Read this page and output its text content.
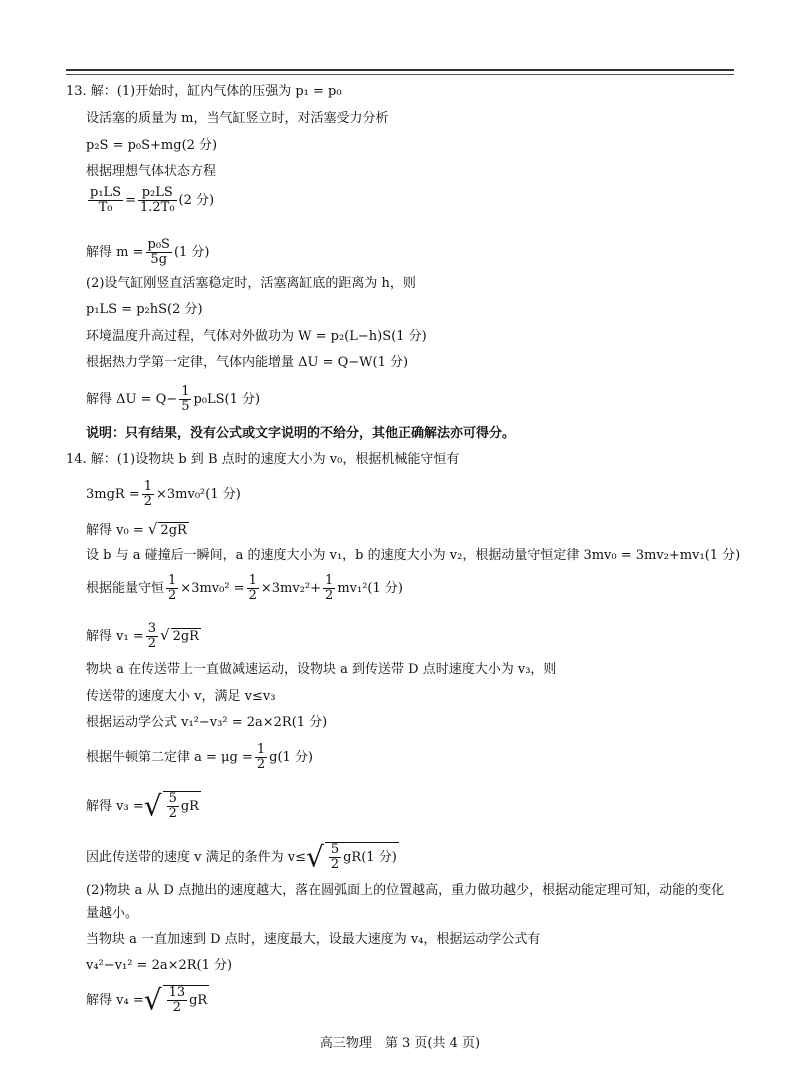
13. 解：(1)开始时，缸内气体的压强为 p₁ = p₀
设活塞的质量为 m，当气缸竖立时，对活塞受力分析
p₂S = p₀S+mg(2 分)
根据理想气体状态方程
$\frac{\text{p₁LS}}{\text{T₀}} = \frac{\text{p₂LS}}{\text{1.2T₀}} (2$ 分)
解得 $m = \frac{\text{p₀S}}{5g} (1$ 分)
(2)设气缸刚竖直活塞稳定时，活塞离缸底的距离为 h，则
p₁LS = p₂hS(2 分)
环境温度升高过程，气体对外做功为 W = p₂(L−h)S(1 分)
根据热力学第一定律，气体内能增量 ΔU = Q−W(1 分)
解得 $\Delta U = Q- \frac{1}{5} p_0LS(1$ 分)
说明：只有结果，没有公式或文字说明的不给分，其他正确解法亦可得分。
14. 解：(1)设物块 b 到 B 点时的速度大小为 v₀，根据机械能守恒有
$3mgR = \frac{1}{2} \times 3mv_0^2(1$ 分)
解得 v₀ = √ 2gR
设 b 与 a 碰撞后一瞬间，a 的速度大小为 v₁，b 的速度大小为 v₂，根据动量守恒定律 3mv₀ = 3mv₂+mv₁(1 分)
根据能量守恒 $\frac{1}{2} \times 3mv_0^2 = \frac{1}{2} \times 3mv_2^2+ \frac{1}{2} mv_1^2(1$ 分)
解得 $v_1 = \frac{3}{2}$ √ 2gR
物块 a 在传送带上一直做减速运动，设物块 a 到传送带 D 点时速度大小为 v₃，则
传送带的速度大小 v，满足 v≤v₃
根据运动学公式 v₁²−v₃² = 2a×2R(1 分)
根据牛顿第二定律 $a = \mu g = \frac{1}{2} g(1$ 分)
解得 v₃ =√ $\frac{5}{2}$ gR
因此传送带的速度 v 满足的条件为 $v\le√ \frac{5}{2} gR(1$ 分)
(2)物块 a 从 D 点抛出的速度越大，落在圆弧面上的位置越高，重力做功越少，根据动能定理可知，动能的变化
量越小。
当物块 a 一直加速到 D 点时，速度最大，设最大速度为 v₄，根据运动学公式有
v₄²−v₁² = 2a×2R(1 分)
解得 v₄ =√ $\frac{13}{2}$ gR
高三物理　第 3 页(共 4 页)
